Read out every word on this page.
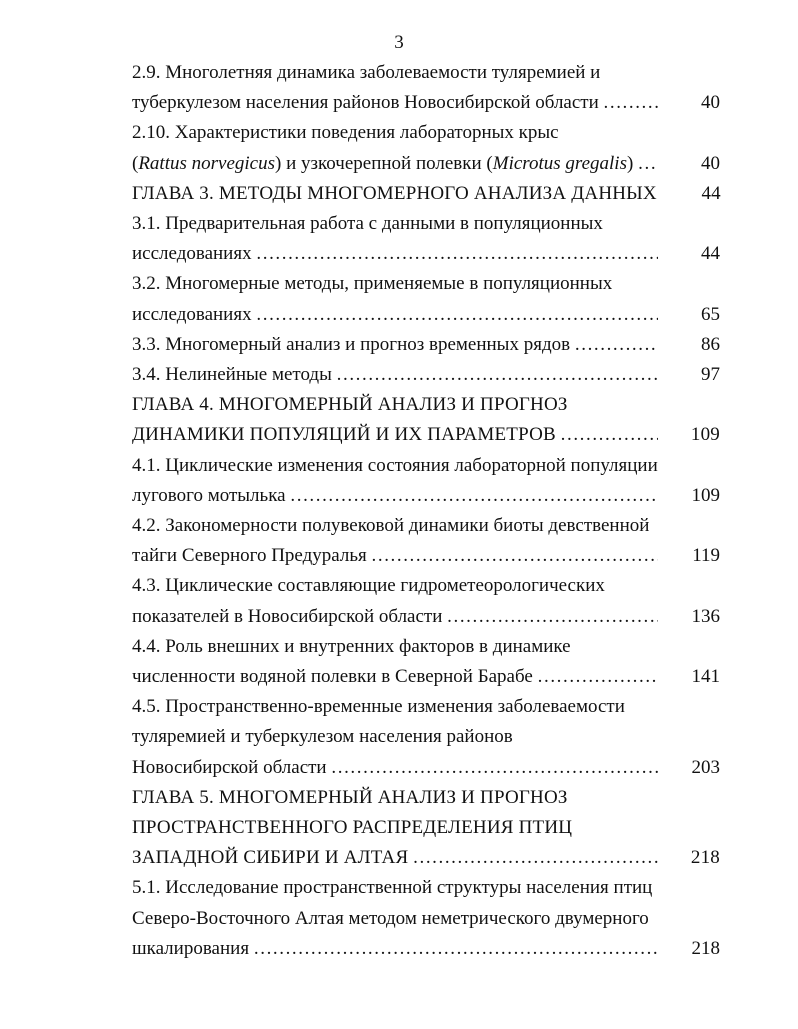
3
2.9. Многолетняя динамика заболеваемости туляремией и
туберкулезом населения районов Новосибирской области …………………………………………………………………………………………………………………………………………	40
2.10. Характеристики поведения лабораторных крыс
(Rattus norvegicus) и узкочерепной полевки (Microtus gregalis) …………………………………………………………………………………………………………………………………………	40
ГЛАВА 3. МЕТОДЫ МНОГОМЕРНОГО АНАЛИЗА ДАННЫХ	44
3.1. Предварительная работа с данными в популяционных
исследованиях …………………………………………………………………………………………………………………………………………	44
3.2. Многомерные методы, применяемые в популяционных
исследованиях …………………………………………………………………………………………………………………………………………	65
3.3. Многомерный анализ и прогноз временных рядов …………………………………………………………………………………………………………………………………………	86
3.4. Нелинейные методы …………………………………………………………………………………………………………………………………………	97
ГЛАВА 4. МНОГОМЕРНЫЙ АНАЛИЗ И ПРОГНОЗ
ДИНАМИКИ ПОПУЛЯЦИЙ И ИХ ПАРАМЕТРОВ …………………………………………………………………………………………………………………………………………	109
4.1. Циклические изменения состояния лабораторной популяции
лугового мотылька …………………………………………………………………………………………………………………………………………	109
4.2. Закономерности полувековой динамики биоты девственной
тайги Северного Предуралья …………………………………………………………………………………………………………………………………………	119
4.3. Циклические составляющие гидрометеорологических
показателей в Новосибирской области …………………………………………………………………………………………………………………………………………	136
4.4. Роль внешних и внутренних факторов в динамике
численности водяной полевки в Северной Барабе …………………………………………………………………………………………………………………………………………	141
4.5. Пространственно-временные изменения заболеваемости
туляремией и туберкулезом населения районов
Новосибирской области …………………………………………………………………………………………………………………………………………	203
ГЛАВА 5. МНОГОМЕРНЫЙ АНАЛИЗ И ПРОГНОЗ
ПРОСТРАНСТВЕННОГО РАСПРЕДЕЛЕНИЯ ПТИЦ
ЗАПАДНОЙ СИБИРИ И АЛТАЯ …………………………………………………………………………………………………………………………………………	218
5.1. Исследование пространственной структуры населения птиц
Северо-Восточного Алтая методом неметрического двумерного
шкалирования …………………………………………………………………………………………………………………………………………	218
